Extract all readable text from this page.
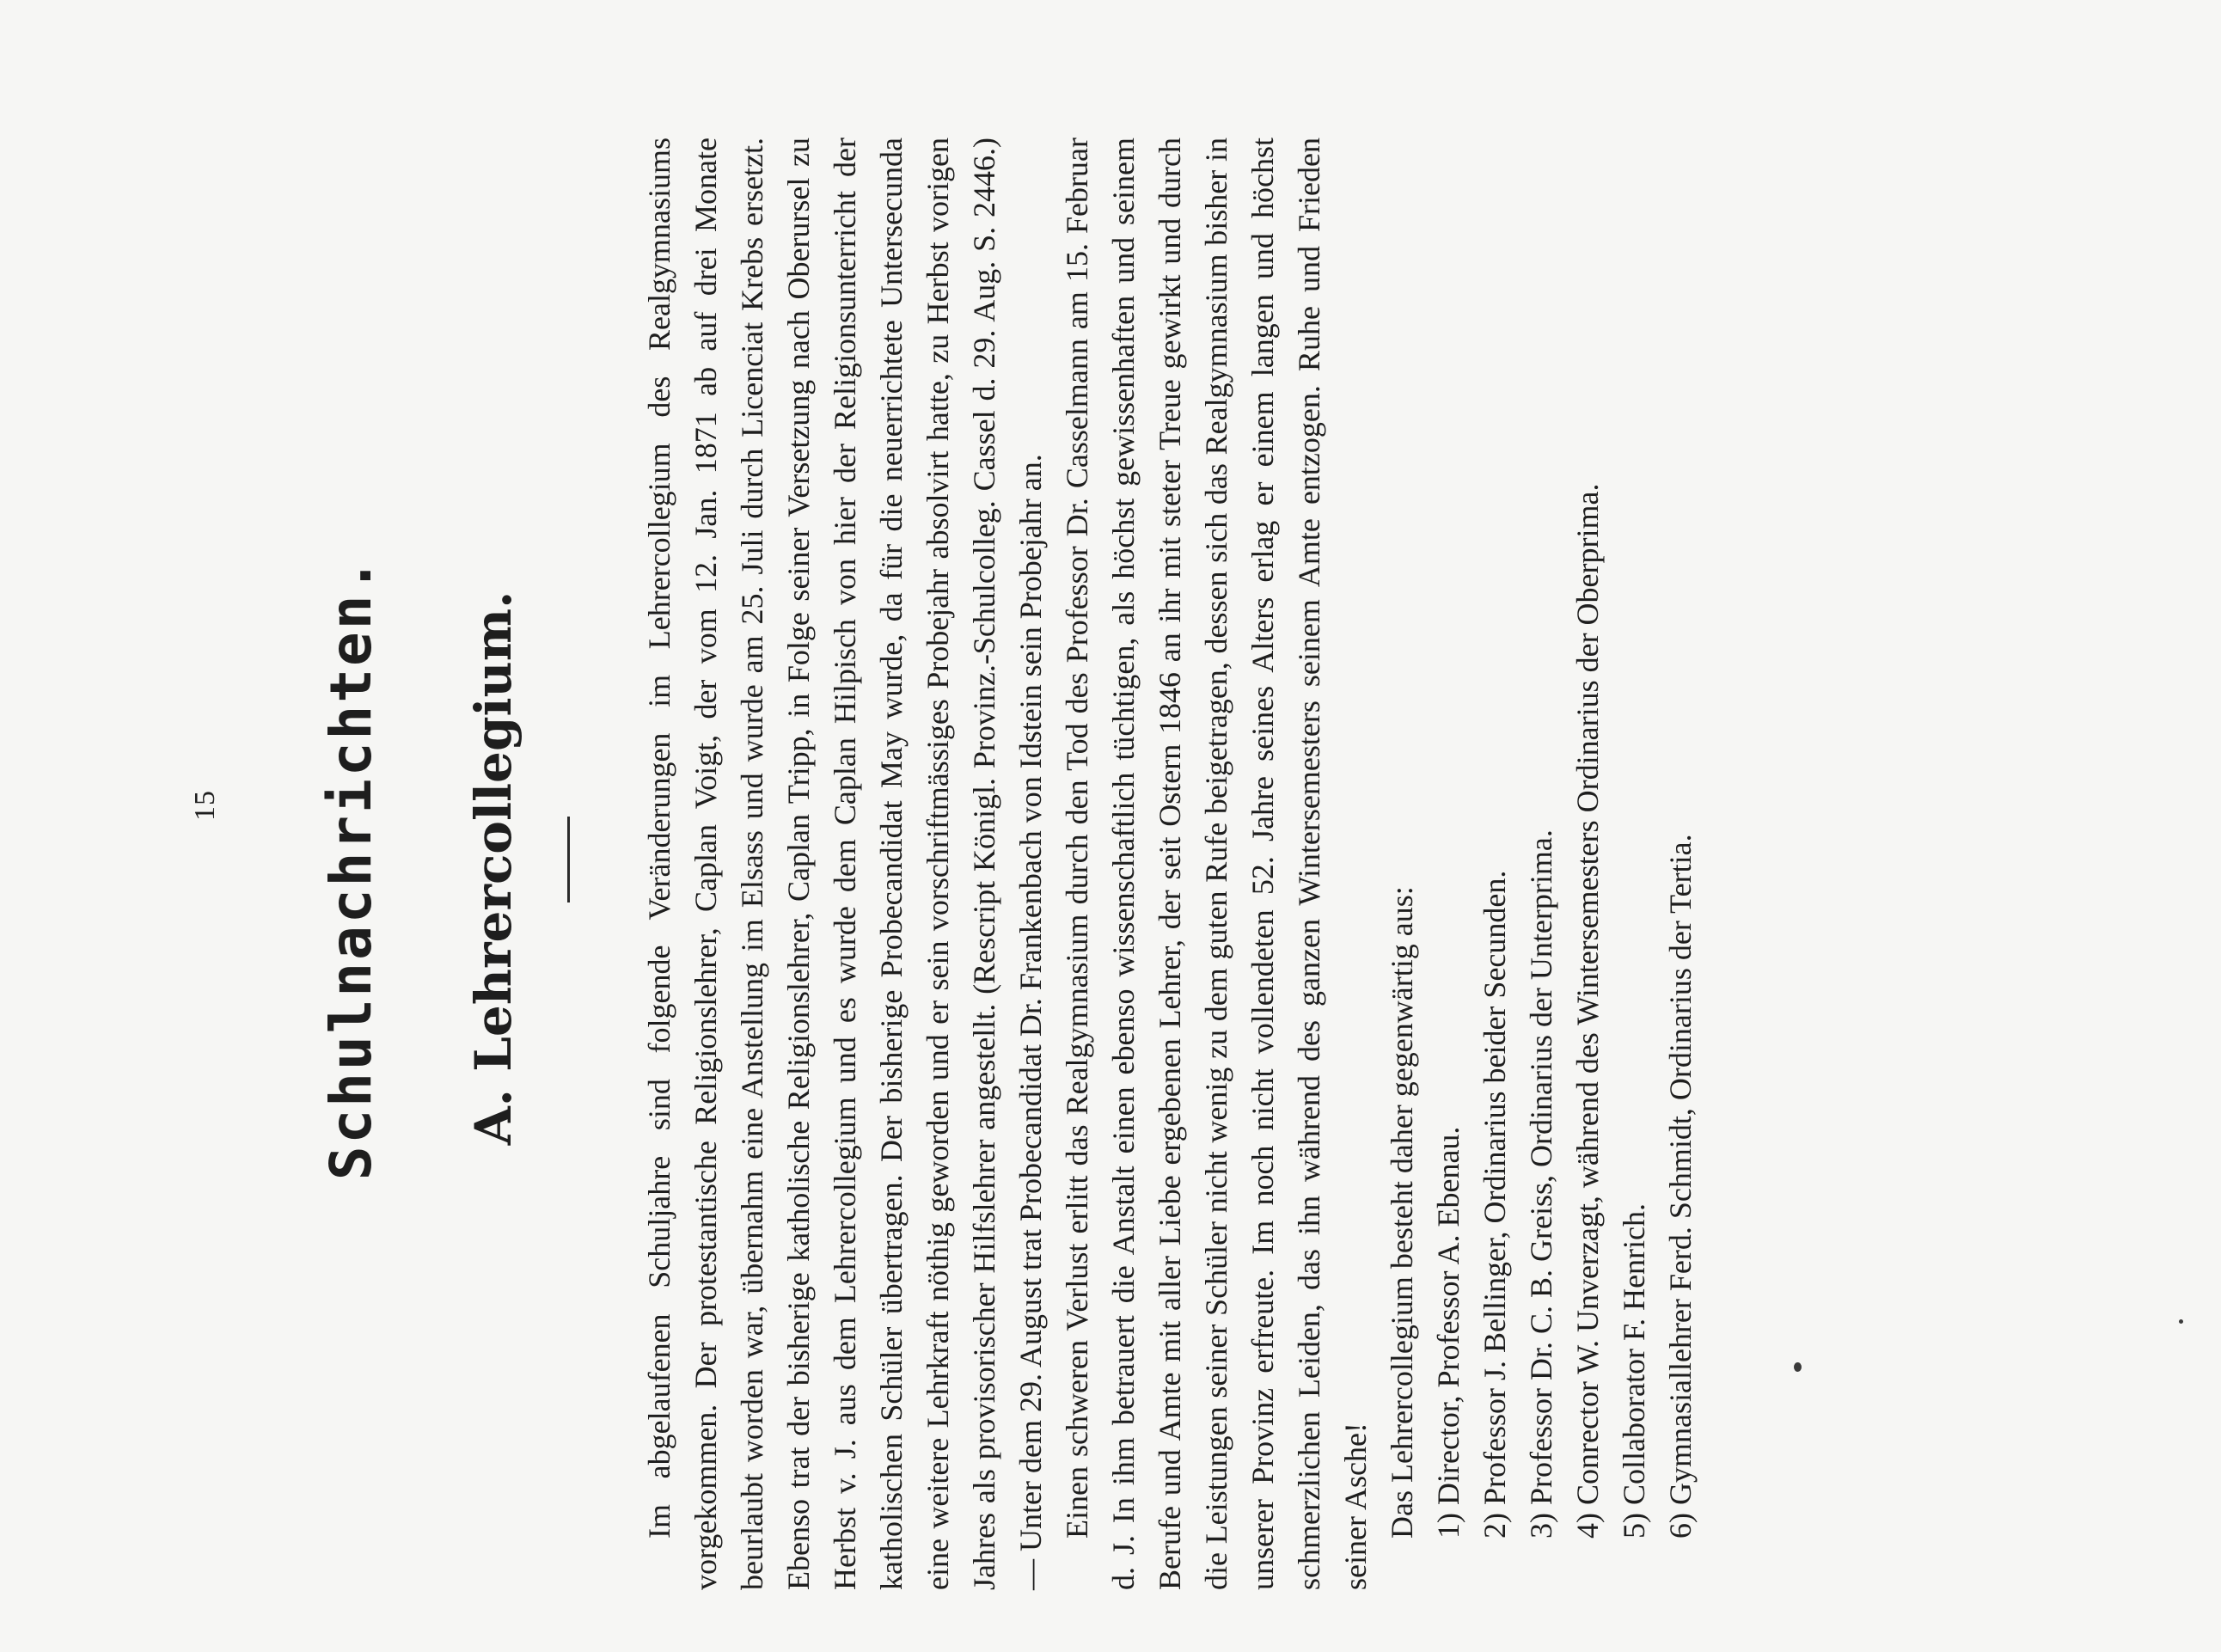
15 Schulnachrichten. A. Lehrercollegium.	Im abgelaufenen Schuljahre sind folgende Veränderungen im Lehrercollegium des Realgymnasiums vorgekommen. Der protestantische Religionslehrer, Caplan Voigt, der vom 12. Jan. 1871 ab auf drei Monate beurlaubt worden war, übernahm eine Anstellung im Elsass und wurde am 25. Juli durch Licenciat Krebs ersetzt. Ebenso trat der bisherige katholische Religionslehrer, Caplan Tripp, in Folge seiner Versetzung nach Oberursel zu Herbst v. J. aus dem Lehrercollegium und es wurde dem Caplan Hilpisch von hier der Religionsunterricht der katholischen Schüler übertragen. Der bisherige Probecandidat May wurde, da für die neuerrichtete Untersecunda eine weitere Lehrkraft nöthig geworden und er sein vorschriftmässiges Probejahr absolvirt hatte, zu Herbst vorigen Jahres als provisorischer Hilfslehrer angestellt. (Rescript Königl. Provinz.-Schulcolleg. Cassel d. 29. Aug. S. 2446.) — Unter dem 29. August trat Probecandidat Dr. Frankenbach von Idstein sein Probejahr an. Einen schweren Verlust erlitt das Realgymnasium durch den Tod des Professor Dr. Casselmann am 15. Februar d. J. In ihm betrauert die Anstalt einen ebenso wissenschaftlich tüchtigen, als höchst gewissenhaften und seinem Berufe und Amte mit aller Liebe ergebenen Lehrer, der seit Ostern 1846 an ihr mit steter Treue gewirkt und durch die Leistungen seiner Schüler nicht wenig zu dem guten Rufe beigetragen, dessen sich das Realgymnasium bisher in unserer Provinz erfreute. Im noch nicht vollendeten 52. Jahre seines Alters erlag er einem langen und höchst schmerzlichen Leiden, das ihn während des ganzen Wintersemesters seinem Amte entzogen. Ruhe und Frieden seiner Asche! Das Lehrercollegium besteht daher gegenwärtig aus: 1) Director, Professor A. Ebenau. 2) Professor J. Bellinger, Ordinarius beider Secunden. 3) Professor Dr. C. B. Greiss, Ordinarius der Unterprima. 4) Conrector W. Unverzagt, während des Wintersemesters Ordinarius der Oberprima. 5) Collaborator F. Henrich. 6) Gymnasiallehrer Ferd. Schmidt, Ordinarius der Tertia.
